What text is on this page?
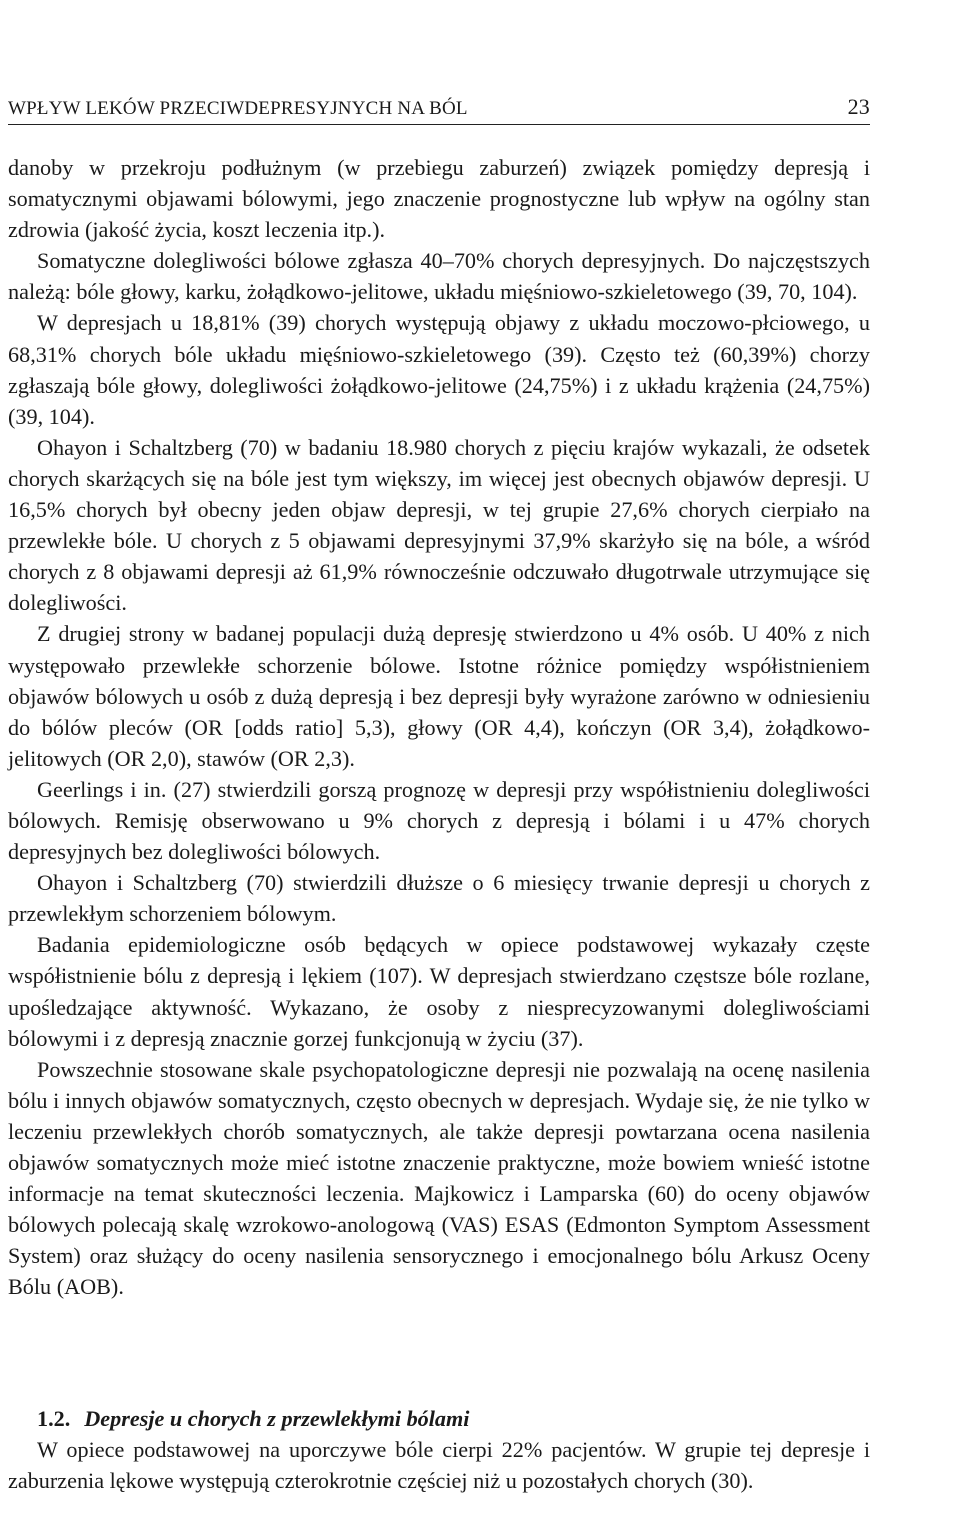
WPŁYW LEKÓW PRZECIWDEPRESYJNYCH NA BÓL	23

danoby w przekroju podłużnym (w przebiegu zaburzeń) związek pomiędzy depresją i somatycznymi objawami bólowymi, jego znaczenie prognostyczne lub wpływ na ogólny stan zdrowia (jakość życia, koszt leczenia itp.).

Somatyczne dolegliwości bólowe zgłasza 40–70% chorych depresyjnych. Do najczęstszych należą: bóle głowy, karku, żołądkowo-jelitowe, układu mięśniowo-szkieletowego (39, 70, 104).

W depresjach u 18,81% (39) chorych występują objawy z układu moczowo-płciowego, u 68,31% chorych bóle układu mięśniowo-szkieletowego (39). Często też (60,39%) chorzy zgłaszają bóle głowy, dolegliwości żołądkowo-jelitowe (24,75%) i z układu krążenia (24,75%) (39, 104).

Ohayon i Schaltzberg (70) w badaniu 18.980 chorych z pięciu krajów wykazali, że odsetek chorych skarżących się na bóle jest tym większy, im więcej jest obecnych objawów depresji. U 16,5% chorych był obecny jeden objaw depresji, w tej grupie 27,6% chorych cierpiało na przewlekłe bóle. U chorych z 5 objawami depresyjnymi 37,9% skarżyło się na bóle, a wśród chorych z 8 objawami depresji aż 61,9% równocześnie odczuwało długotrwale utrzymujące się dolegliwości.

Z drugiej strony w badanej populacji dużą depresję stwierdzono u 4% osób. U 40% z nich występowało przewlekłe schorzenie bólowe. Istotne różnice pomiędzy współistnieniem objawów bólowych u osób z dużą depresją i bez depresji były wyrażone zarówno w odniesieniu do bólów pleców (OR [odds ratio] 5,3), głowy (OR 4,4), kończyn (OR 3,4), żołądkowo-jelitowych (OR 2,0), stawów (OR 2,3).

Geerlings i in. (27) stwierdzili gorszą prognozę w depresji przy współistnieniu dolegliwości bólowych. Remisję obserwowano u 9% chorych z depresją i bólami i u 47% chorych depresyjnych bez dolegliwości bólowych.

Ohayon i Schaltzberg (70) stwierdzili dłuższe o 6 miesięcy trwanie depresji u chorych z przewlekłym schorzeniem bólowym.

Badania epidemiologiczne osób będących w opiece podstawowej wykazały częste współistnienie bólu z depresją i lękiem (107). W depresjach stwierdzano częstsze bóle rozlane, upośledzające aktywność. Wykazano, że osoby z niesprecyzowanymi dolegliwościami bólowymi i z depresją znacznie gorzej funkcjonują w życiu (37).

Powszechnie stosowane skale psychopatologiczne depresji nie pozwalają na ocenę nasilenia bólu i innych objawów somatycznych, często obecnych w depresjach. Wydaje się, że nie tylko w leczeniu przewlekłych chorób somatycznych, ale także depresji powtarzana ocena nasilenia objawów somatycznych może mieć istotne znaczenie praktyczne, może bowiem wnieść istotne informacje na temat skuteczności leczenia. Majkowicz i Lamparska (60) do oceny objawów bólowych polecają skalę wzrokowo-anologową (VAS) ESAS (Edmonton Symptom Assessment System) oraz służący do oceny nasilenia sensorycznego i emocjonalnego bólu Arkusz Oceny Bólu (AOB).

1.2. Depresje u chorych z przewlekłymi bólami

W opiece podstawowej na uporczywe bóle cierpi 22% pacjentów. W grupie tej depresje i zaburzenia lękowe występują czterokrotnie częściej niż u pozostałych chorych (30).
